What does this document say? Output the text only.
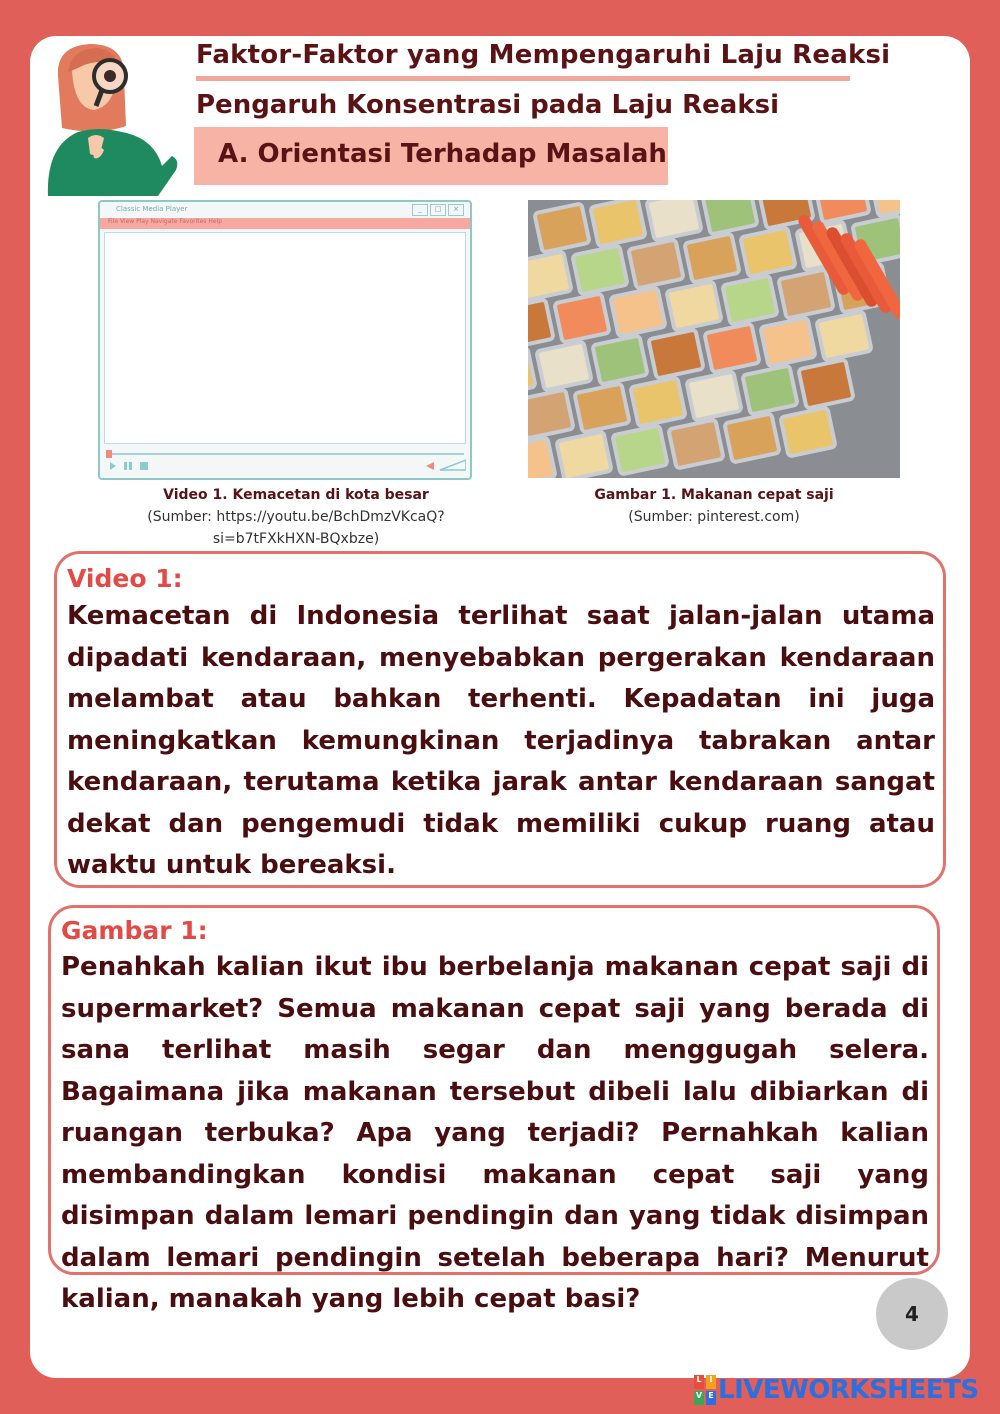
Faktor-Faktor yang Mempengaruhi Laju Reaksi
Pengaruh Konsentrasi pada Laju Reaksi
A. Orientasi Terhadap Masalah
Classic Media Player	_	□	×
File View Play Navigate Favorites Help
Video 1. Kemacetan di kota besar
(Sumber: https://youtu.be/BchDmzVKcaQ? si=b7tFXkHXN-BQxbze)
Gambar 1. Makanan cepat saji
(Sumber: pinterest.com)
Video 1:
Kemacetan di Indonesia terlihat saat jalan-jalan utama dipadati kendaraan, menyebabkan pergerakan kendaraan melambat atau bahkan terhenti. Kepadatan ini juga meningkatkan kemungkinan terjadinya tabrakan antar kendaraan, terutama ketika jarak antar kendaraan sangat dekat dan pengemudi tidak memiliki cukup ruang atau waktu untuk bereaksi.
Gambar 1:
Penahkah kalian ikut ibu berbelanja makanan cepat saji di supermarket? Semua makanan cepat saji yang berada di sana terlihat masih segar dan menggugah selera. Bagaimana jika makanan tersebut dibeli lalu dibiarkan di ruangan terbuka? Apa yang terjadi? Pernahkah kalian membandingkan kondisi makanan cepat saji yang disimpan dalam lemari pendingin dan yang tidak disimpan dalam lemari pendingin setelah beberapa hari? Menurut kalian, manakah yang lebih cepat basi?	4
L I
V E LIVEWORKSHEETS
